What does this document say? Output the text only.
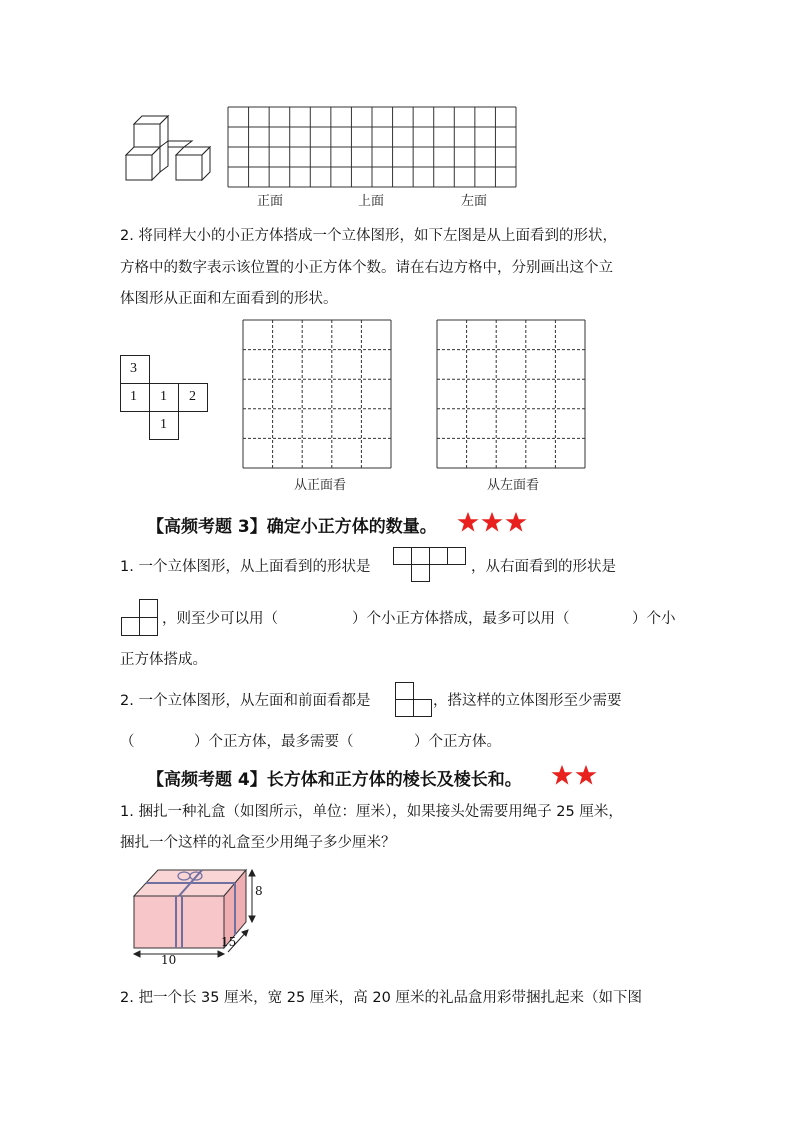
正面	上面	左面
2. 将同样大小的小正方体搭成一个立体图形，如下左图是从上面看到的形状，
方格中的数字表示该位置的小正方体个数。请在右边方格中，分别画出这个立
体图形从正面和左面看到的形状。
3
1 1 2
1
从正面看	从左面看
【高频考题 3】确定小正方体的数量。
1. 一个立体图形，从上面看到的形状是	，从右面看到的形状是
，则至少可以用（	）个小正方体搭成，最多可以用（	）个小
正方体搭成。
2. 一个立体图形，从左面和前面看都是	，搭这样的立体图形至少需要
（	）个正方体，最多需要（	）个正方体。
【高频考题 4】长方体和正方体的棱长及棱长和。
1. 捆扎一种礼盒（如图所示，单位：厘米），如果接头处需要用绳子 25 厘米，
捆扎一个这样的礼盒至少用绳子多少厘米？
8
15
10
2. 把一个长 35 厘米，宽 25 厘米，高 20 厘米的礼品盒用彩带捆扎起来（如下图
